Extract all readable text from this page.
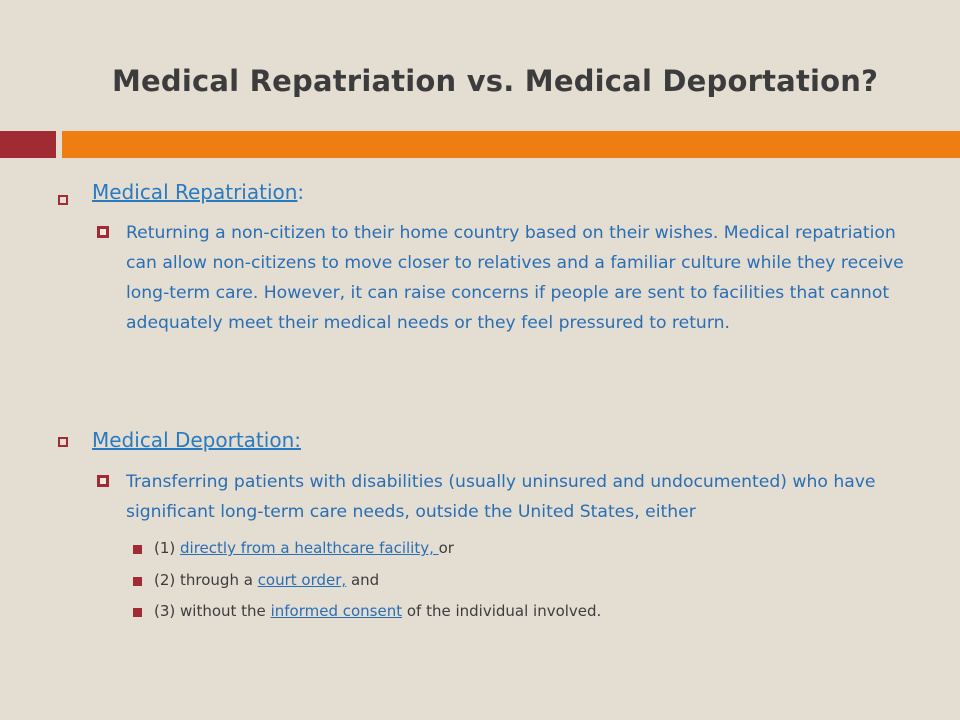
Medical Repatriation vs. Medical Deportation?
Medical Repatriation:
Returning a non-citizen to their home country based on their wishes. Medical repatriation can allow non-citizens to move closer to relatives and a familiar culture while they receive long-term care. However, it can raise concerns if people are sent to facilities that cannot adequately meet their medical needs or they feel pressured to return.
Medical Deportation:
Transferring patients with disabilities (usually uninsured and undocumented) who have significant long-term care needs, outside the United States, either
(1) directly from a healthcare facility, or
(2) through a court order, and
(3) without the informed consent of the individual involved.
